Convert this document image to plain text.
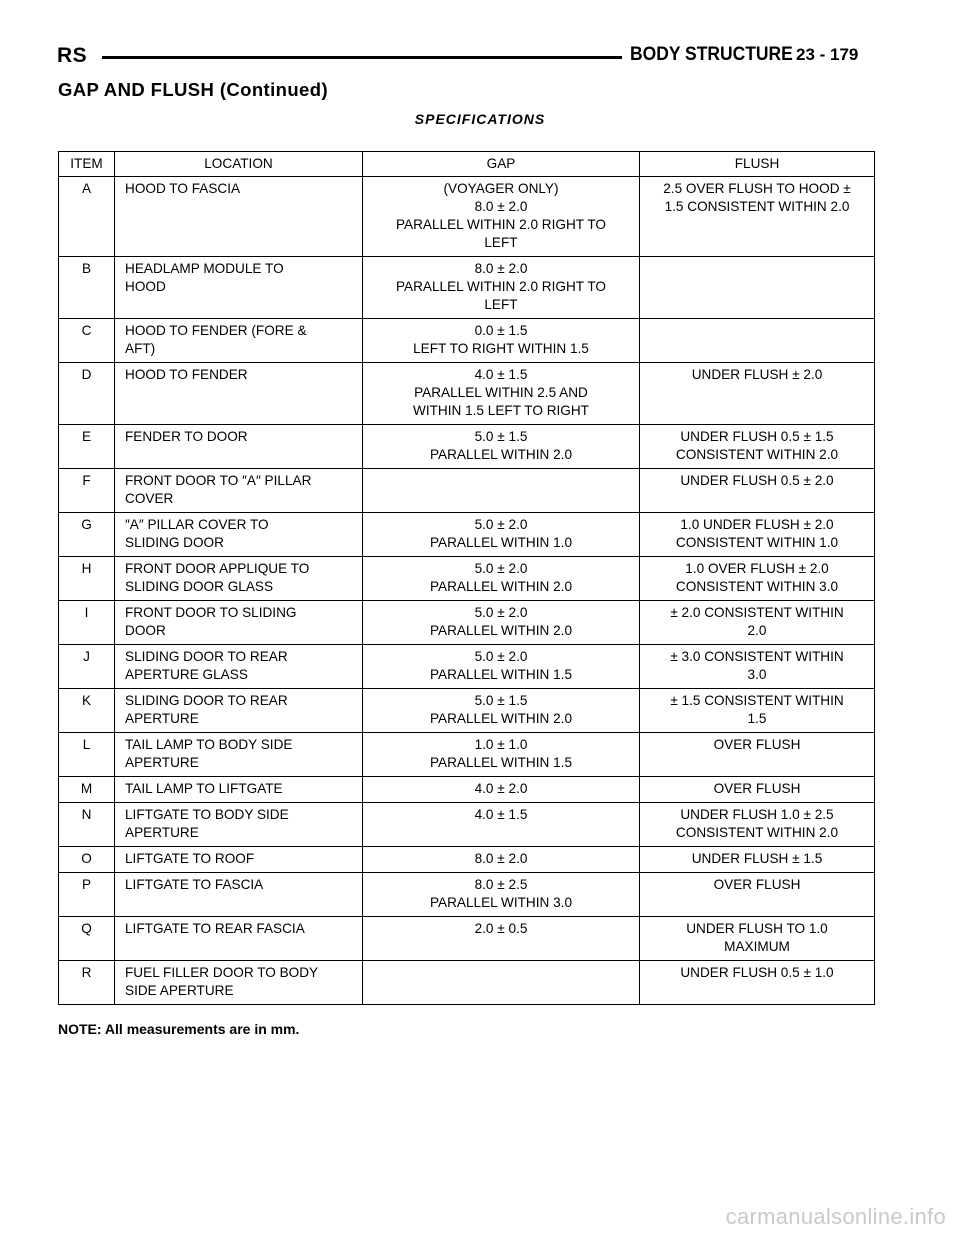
RS	BODY STRUCTURE 23 - 179
GAP AND FLUSH (Continued)
SPECIFICATIONS
ITEM	LOCATION	GAP	FLUSH
A	HOOD TO FASCIA	(VOYAGER ONLY)
8.0 ± 2.0
PARALLEL WITHIN 2.0 RIGHT TO
LEFT	2.5 OVER FLUSH TO HOOD ±
1.5 CONSISTENT WITHIN 2.0
B	HEADLAMP MODULE TO
HOOD	8.0 ± 2.0
PARALLEL WITHIN 2.0 RIGHT TO
LEFT	
C	HOOD TO FENDER (FORE &
AFT)	0.0 ± 1.5
LEFT TO RIGHT WITHIN 1.5	
D	HOOD TO FENDER	4.0 ± 1.5
PARALLEL WITHIN 2.5 AND
WITHIN 1.5 LEFT TO RIGHT	UNDER FLUSH ± 2.0
E	FENDER TO DOOR	5.0 ± 1.5
PARALLEL WITHIN 2.0	UNDER FLUSH 0.5 ± 1.5
CONSISTENT WITHIN 2.0
F	FRONT DOOR TO ″A″ PILLAR
COVER		UNDER FLUSH 0.5 ± 2.0
G	″A″ PILLAR COVER TO
SLIDING DOOR	5.0 ± 2.0
PARALLEL WITHIN 1.0	1.0 UNDER FLUSH ± 2.0
CONSISTENT WITHIN 1.0
H	FRONT DOOR APPLIQUE TO
SLIDING DOOR GLASS	5.0 ± 2.0
PARALLEL WITHIN 2.0	1.0 OVER FLUSH ± 2.0
CONSISTENT WITHIN 3.0
I	FRONT DOOR TO SLIDING
DOOR	5.0 ± 2.0
PARALLEL WITHIN 2.0	± 2.0 CONSISTENT WITHIN
2.0
J	SLIDING DOOR TO REAR
APERTURE GLASS	5.0 ± 2.0
PARALLEL WITHIN 1.5	± 3.0 CONSISTENT WITHIN
3.0
K	SLIDING DOOR TO REAR
APERTURE	5.0 ± 1.5
PARALLEL WITHIN 2.0	± 1.5 CONSISTENT WITHIN
1.5
L	TAIL LAMP TO BODY SIDE
APERTURE	1.0 ± 1.0
PARALLEL WITHIN 1.5	OVER FLUSH
M	TAIL LAMP TO LIFTGATE	4.0 ± 2.0	OVER FLUSH
N	LIFTGATE TO BODY SIDE
APERTURE	4.0 ± 1.5	UNDER FLUSH 1.0 ± 2.5
CONSISTENT WITHIN 2.0
O	LIFTGATE TO ROOF	8.0 ± 2.0	UNDER FLUSH ± 1.5
P	LIFTGATE TO FASCIA	8.0 ± 2.5
PARALLEL WITHIN 3.0	OVER FLUSH
Q	LIFTGATE TO REAR FASCIA	2.0 ± 0.5	UNDER FLUSH TO 1.0
MAXIMUM
R	FUEL FILLER DOOR TO BODY
SIDE APERTURE		UNDER FLUSH 0.5 ± 1.0
NOTE: All measurements are in mm.
carmanualsonline.info
